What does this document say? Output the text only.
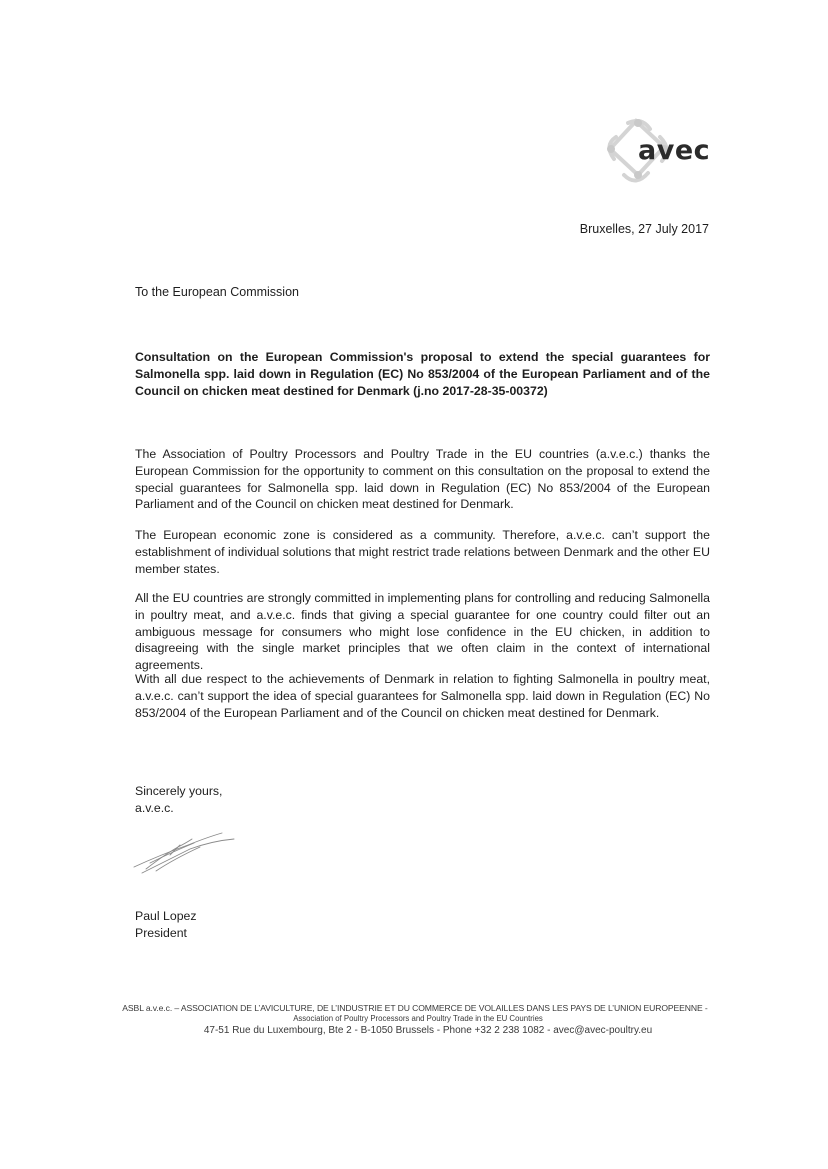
avec
Bruxelles, 27 July 2017
To the European Commission
Consultation on the European Commission's proposal to extend the special guarantees for Salmonella spp. laid down in Regulation (EC) No 853/2004 of the European Parliament and of the Council on chicken meat destined for Denmark (j.no 2017-28-35-00372)
The Association of Poultry Processors and Poultry Trade in the EU countries (a.v.e.c.) thanks the European Commission for the opportunity to comment on this consultation on the proposal to extend the special guarantees for Salmonella spp. laid down in Regulation (EC) No 853/2004 of the European Parliament and of the Council on chicken meat destined for Denmark.
The European economic zone is considered as a community. Therefore, a.v.e.c. can’t support the establishment of individual solutions that might restrict trade relations between Denmark and the other EU member states.
All the EU countries are strongly committed in implementing plans for controlling and reducing Salmonella in poultry meat, and a.v.e.c. finds that giving a special guarantee for one country could filter out an ambiguous message for consumers who might lose confidence in the EU chicken, in addition to disagreeing with the single market principles that we often claim in the context of international agreements.
With all due respect to the achievements of Denmark in relation to fighting Salmonella in poultry meat, a.v.e.c. can’t support the idea of special guarantees for Salmonella spp. laid down in Regulation (EC) No 853/2004 of the European Parliament and of the Council on chicken meat destined for Denmark.
Sincerely yours,
a.v.e.c.
Paul Lopez
President
ASBL a.v.e.c. – ASSOCIATION DE L’AVICULTURE, DE L’INDUSTRIE ET DU COMMERCE DE VOLAILLES DANS LES PAYS DE L’UNION EUROPEENNE -
Association of Poultry Processors and Poultry Trade in the EU Countries
47-51 Rue du Luxembourg, Bte 2 - B-1050 Brussels - Phone +32 2 238 1082 - avec@avec-poultry.eu
